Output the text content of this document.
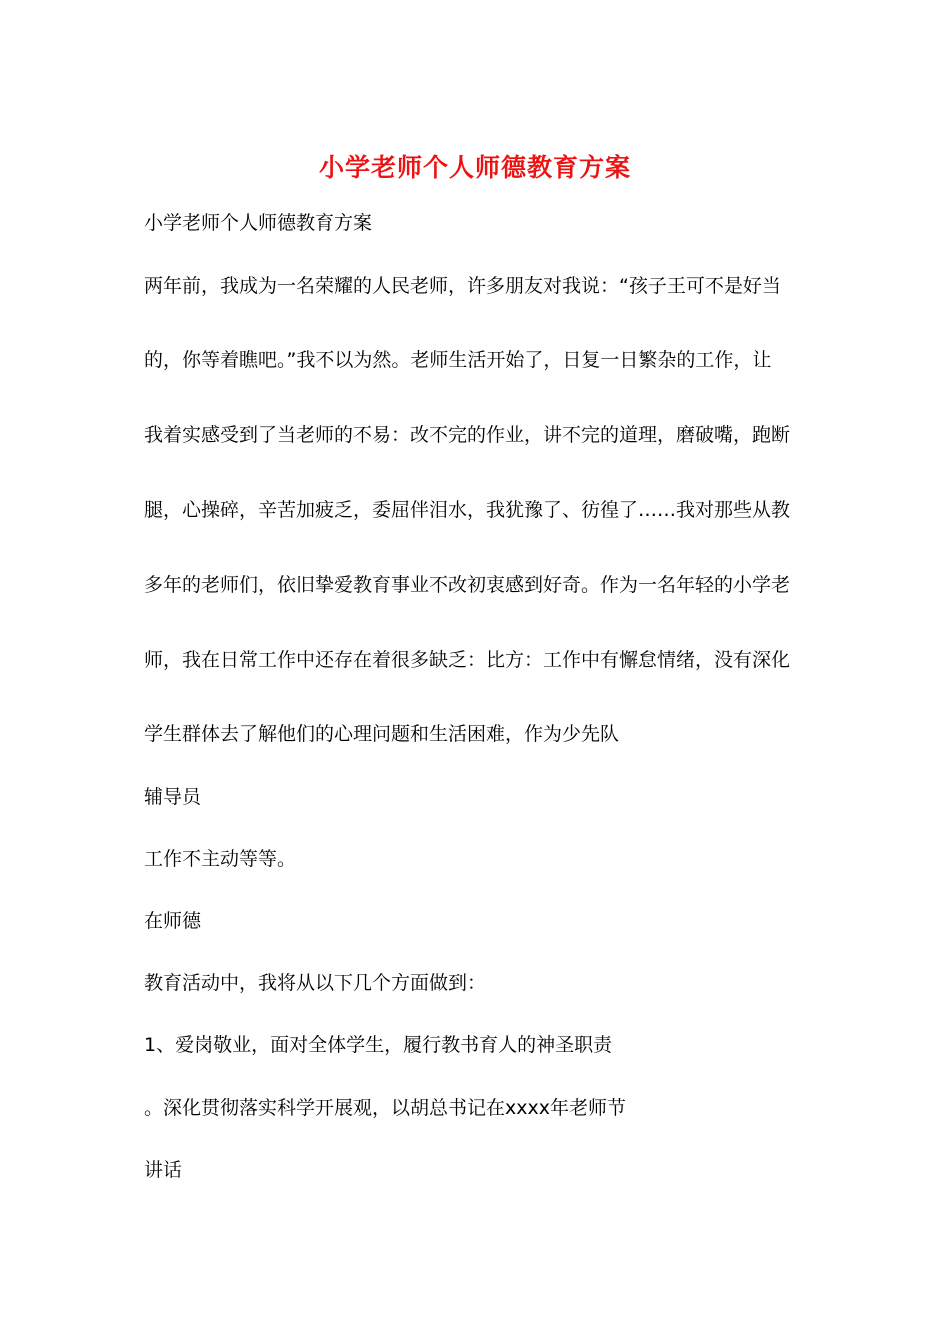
小学老师个人师德教育方案
小学老师个人师德教育方案
两年前，我成为一名荣耀的人民老师，许多朋友对我说：“孩子王可不是好当
的，你等着瞧吧。”我不以为然。老师生活开始了，日复一日繁杂的工作，让
我着实感受到了当老师的不易：改不完的作业，讲不完的道理，磨破嘴，跑断
腿，心操碎，辛苦加疲乏，委屈伴泪水，我犹豫了、彷徨了……我对那些从教
多年的老师们，依旧挚爱教育事业不改初衷感到好奇。作为一名年轻的小学老
师，我在日常工作中还存在着很多缺乏：比方：工作中有懈怠情绪，没有深化
学生群体去了解他们的心理问题和生活困难，作为少先队
辅导员
工作不主动等等。
在师德
教育活动中，我将从以下几个方面做到：
1、爱岗敬业，面对全体学生，履行教书育人的神圣职责
。深化贯彻落实科学开展观，以胡总书记在xxxx年老师节
讲话
